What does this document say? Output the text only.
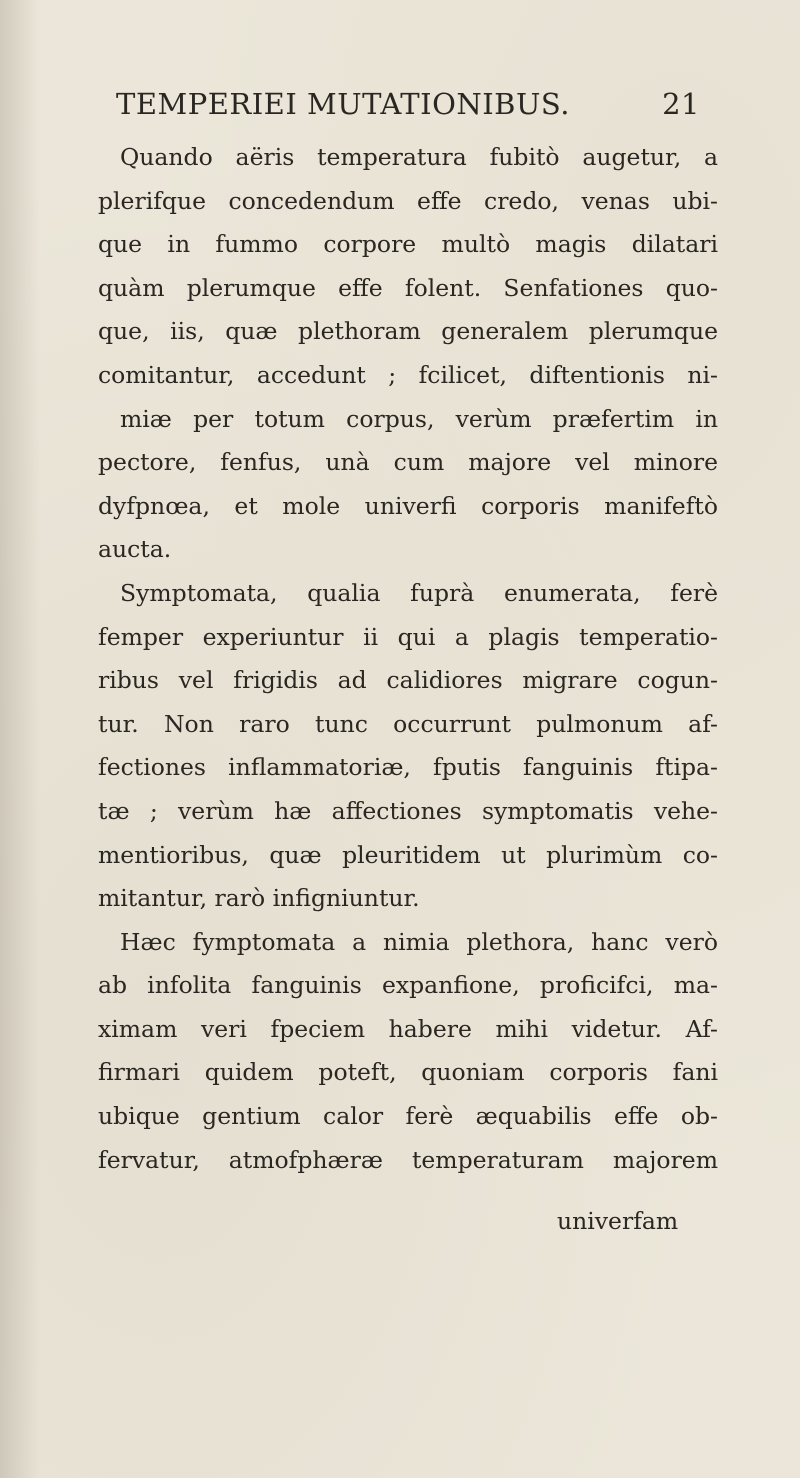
TEMPERIEI MUTATIONIBUS.	21
Quando aëris temperatura fubitò augetur, a
plerifque concedendum effe credo, venas ubi-
que in fummo corpore multò magis dilatari
quàm plerumque effe folent. Senfationes quo-
que, iis, quæ plethoram generalem plerumque
comitantur, accedunt ; fcilicet, diftentionis ni-
miæ per totum corpus, verùm præfertim in
pectore, fenfus, unà cum majore vel minore
dyfpnœa, et mole univerfi corporis manifeftò
aucta.
Symptomata, qualia fuprà enumerata, ferè
femper experiuntur ii qui a plagis temperatio-
ribus vel frigidis ad calidiores migrare cogun-
tur. Non raro tunc occurrunt pulmonum af-
fectiones inflammatoriæ, fputis fanguinis ftipa-
tæ ; verùm hæ affectiones symptomatis vehe-
mentioribus, quæ pleuritidem ut plurimùm co-
mitantur, rarò infigniuntur.
Hæc fymptomata a nimia plethora, hanc verò
ab infolita fanguinis expanfione, proficifci, ma-
ximam veri fpeciem habere mihi videtur. Af-
firmari quidem poteft, quoniam corporis fani
ubique gentium calor ferè æquabilis effe ob-
fervatur, atmofphæræ temperaturam majorem
univerfam
